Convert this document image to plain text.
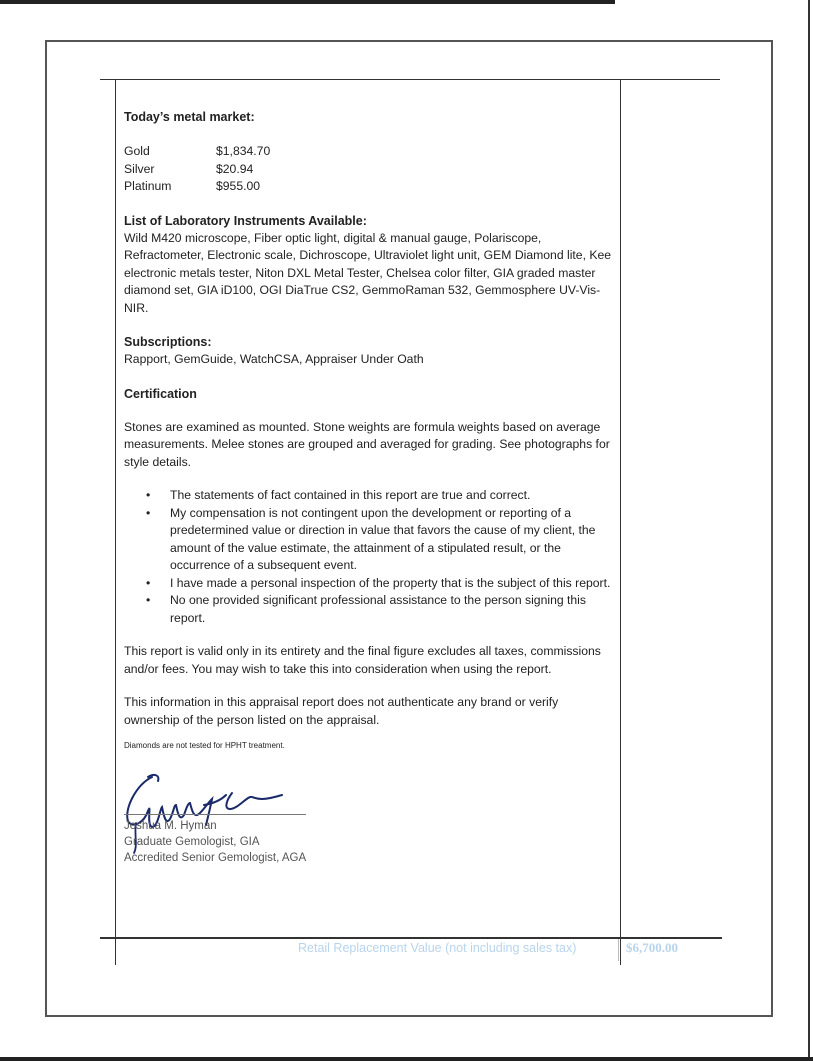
Today’s metal market:
Gold	$1,834.70
Silver	$20.94
Platinum	$955.00
List of Laboratory Instruments Available:

Wild M420 microscope, Fiber optic light, digital & manual gauge, Polariscope, Refractometer, Electronic scale, Dichroscope, Ultraviolet light unit, GEM Diamond lite, Kee electronic metals tester, Niton DXL Metal Tester, Chelsea color filter, GIA graded master diamond set, GIA iD100, OGI DiaTrue CS2, GemmoRaman 532, Gemmosphere UV-Vis-NIR.

Subscriptions:

Rapport, GemGuide, WatchCSA, Appraiser Under Oath

Certification

Stones are examined as mounted. Stone weights are formula weights based on average measurements. Melee stones are grouped and averaged for grading. See photographs for style details.

• The statements of fact contained in this report are true and correct.
• My compensation is not contingent upon the development or reporting of a predetermined value or direction in value that favors the cause of my client, the amount of the value estimate, the attainment of a stipulated result, or the occurrence of a subsequent event.
• I have made a personal inspection of the property that is the subject of this report.
• No one provided significant professional assistance to the person signing this report.

This report is valid only in its entirety and the final figure excludes all taxes, commissions and/or fees. You may wish to take this into consideration when using the report.

This information in this appraisal report does not authenticate any brand or verify ownership of the person listed on the appraisal.

Diamonds are not tested for HPHT treatment.

Joshua M. Hyman
Graduate Gemologist, GIA
Accredited Senior Gemologist, AGA
Retail Replacement Value (not including sales tax)	$6,700.00
